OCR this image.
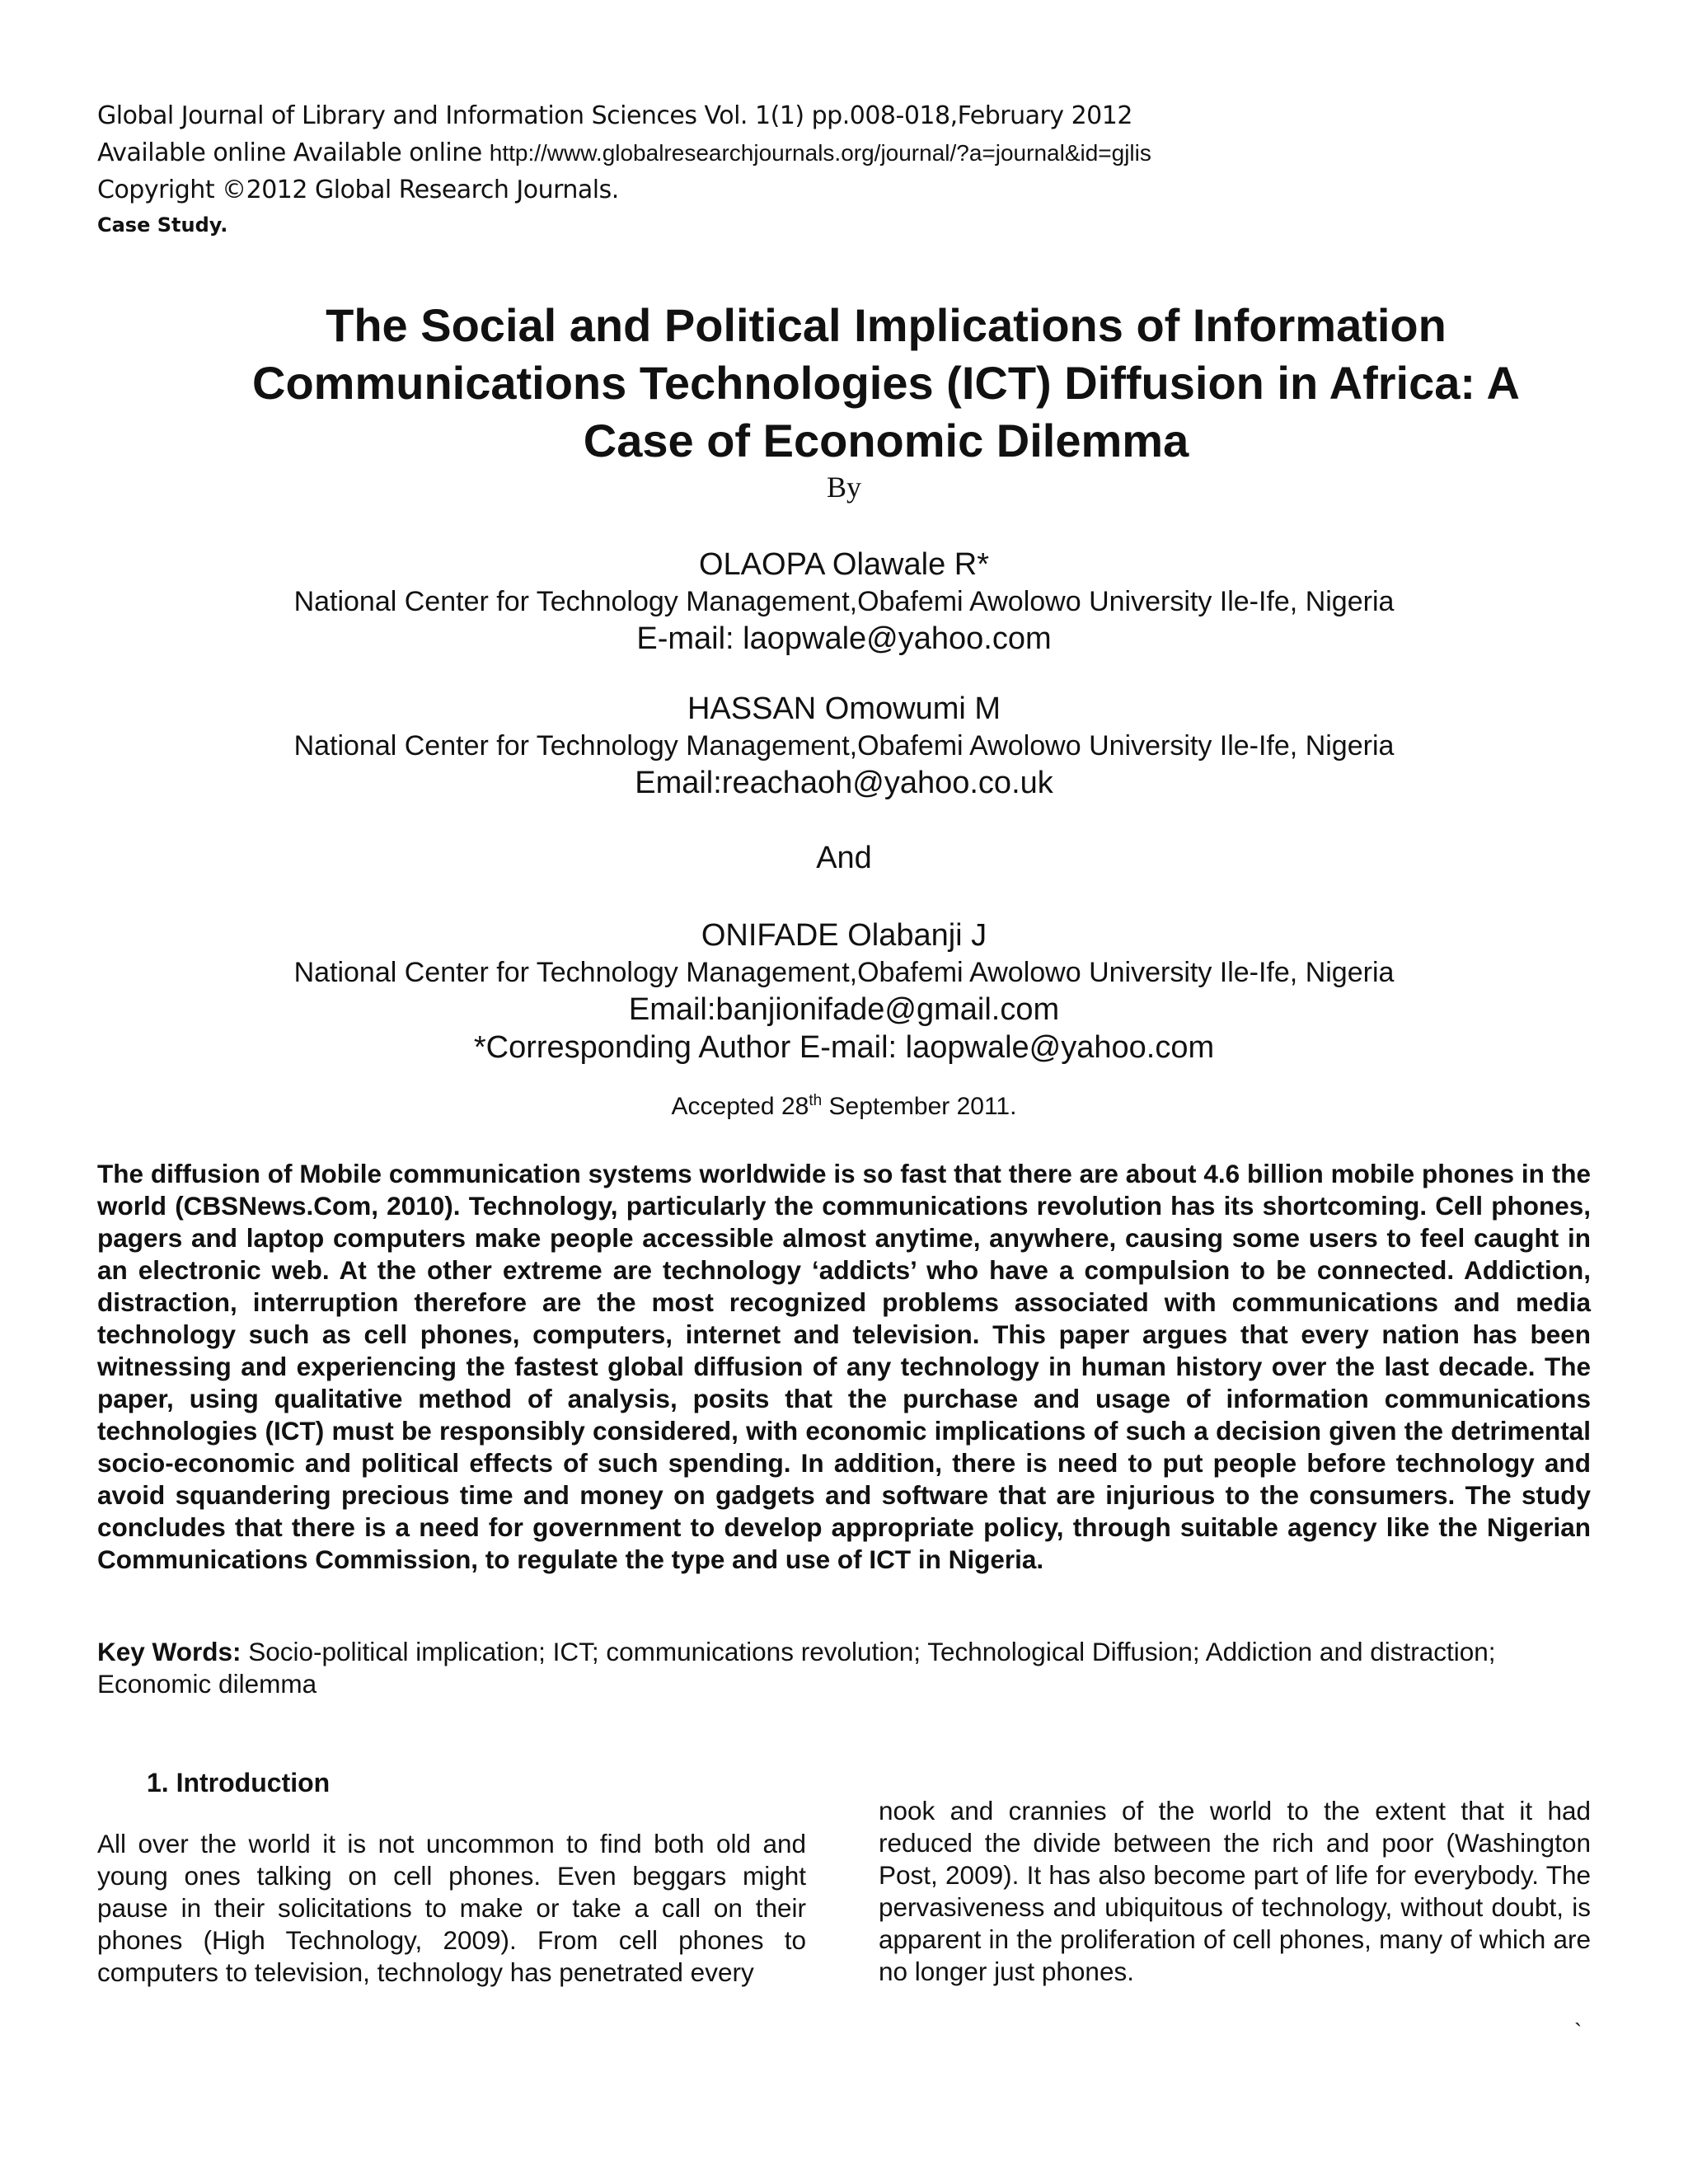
Global Journal of Library and Information Sciences Vol. 1(1) pp.008-018,February 2012
Available online Available online http://www.globalresearchjournals.org/journal/?a=journal&id=gjlis
Copyright ©2012 Global Research Journals.
Case Study.
The Social and Political Implications of Information
Communications Technologies (ICT) Diffusion in Africa: A
Case of Economic Dilemma
By
OLAOPA Olawale R*
National Center for Technology Management,Obafemi Awolowo University Ile-Ife, Nigeria
E-mail: laopwale@yahoo.com
HASSAN Omowumi M
National Center for Technology Management,Obafemi Awolowo University Ile-Ife, Nigeria
Email:reachaoh@yahoo.co.uk
And
ONIFADE Olabanji J
National Center for Technology Management,Obafemi Awolowo University Ile-Ife, Nigeria
Email:banjionifade@gmail.com
*Corresponding Author E-mail: laopwale@yahoo.com
Accepted 28th September 2011.
The diffusion of Mobile communication systems worldwide is so fast that there are about 4.6 billion mobile phones in the world (CBSNews.Com, 2010). Technology, particularly the communications revolution has its shortcoming. Cell phones, pagers and laptop computers make people accessible almost anytime, anywhere, causing some users to feel caught in an electronic web. At the other extreme are technology ‘addicts’ who have a compulsion to be connected. Addiction, distraction, interruption therefore are the most recognized problems associated with communications and media technology such as cell phones, computers, internet and television. This paper argues that every nation has been witnessing and experiencing the fastest global diffusion of any technology in human history over the last decade. The paper, using qualitative method of analysis, posits that the purchase and usage of information communications technologies (ICT) must be responsibly considered, with economic implications of such a decision given the detrimental socio-economic and political effects of such spending. In addition, there is need to put people before technology and avoid squandering precious time and money on gadgets and software that are injurious to the consumers. The study concludes that there is a need for government to develop appropriate policy, through suitable agency like the Nigerian Communications Commission, to regulate the type and use of ICT in Nigeria.
Key Words: Socio-political implication; ICT; communications revolution; Technological Diffusion; Addiction and distraction; Economic dilemma
1. Introduction
All over the world it is not uncommon to find both old and young ones talking on cell phones. Even beggars might pause in their solicitations to make or take a call on their phones (High Technology, 2009). From cell phones to computers to television, technology has penetrated every
nook and crannies of the world to the extent that it had reduced the divide between the rich and poor (Washington Post, 2009). It has also become part of life for everybody. The pervasiveness and ubiquitous of technology, without doubt, is apparent in the proliferation of cell phones, many of which are no longer just phones.
`
